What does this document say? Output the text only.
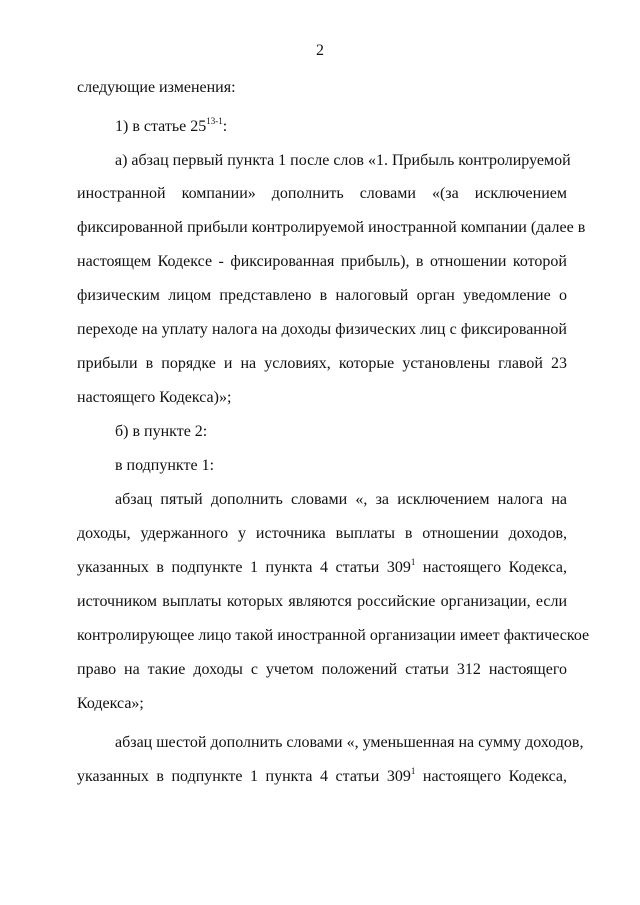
2
следующие изменения:
1) в статье 25$^{13-1}$:
а) абзац первый пункта 1 после слов «1. Прибыль контролируемой
иностранной компании» дополнить словами «(за исключением
фиксированной прибыли контролируемой иностранной компании (далее в
настоящем Кодексе - фиксированная прибыль), в отношении которой
физическим лицом представлено в налоговый орган уведомление о
переходе на уплату налога на доходы физических лиц с фиксированной
прибыли в порядке и на условиях, которые установлены главой 23
настоящего Кодекса)»;
б) в пункте 2:
в подпункте 1:
абзац пятый дополнить словами «, за исключением налога на
доходы, удержанного у источника выплаты в отношении доходов,
указанных в подпункте 1 пункта 4 статьи $309^1$ настоящего Кодекса,
источником выплаты которых являются российские организации, если
контролирующее лицо такой иностранной организации имеет фактическое
право на такие доходы с учетом положений статьи 312 настоящего
Кодекса»;
абзац шестой дополнить словами «, уменьшенная на сумму доходов,
указанных в подпункте 1 пункта 4 статьи $309^1$ настоящего Кодекса,
